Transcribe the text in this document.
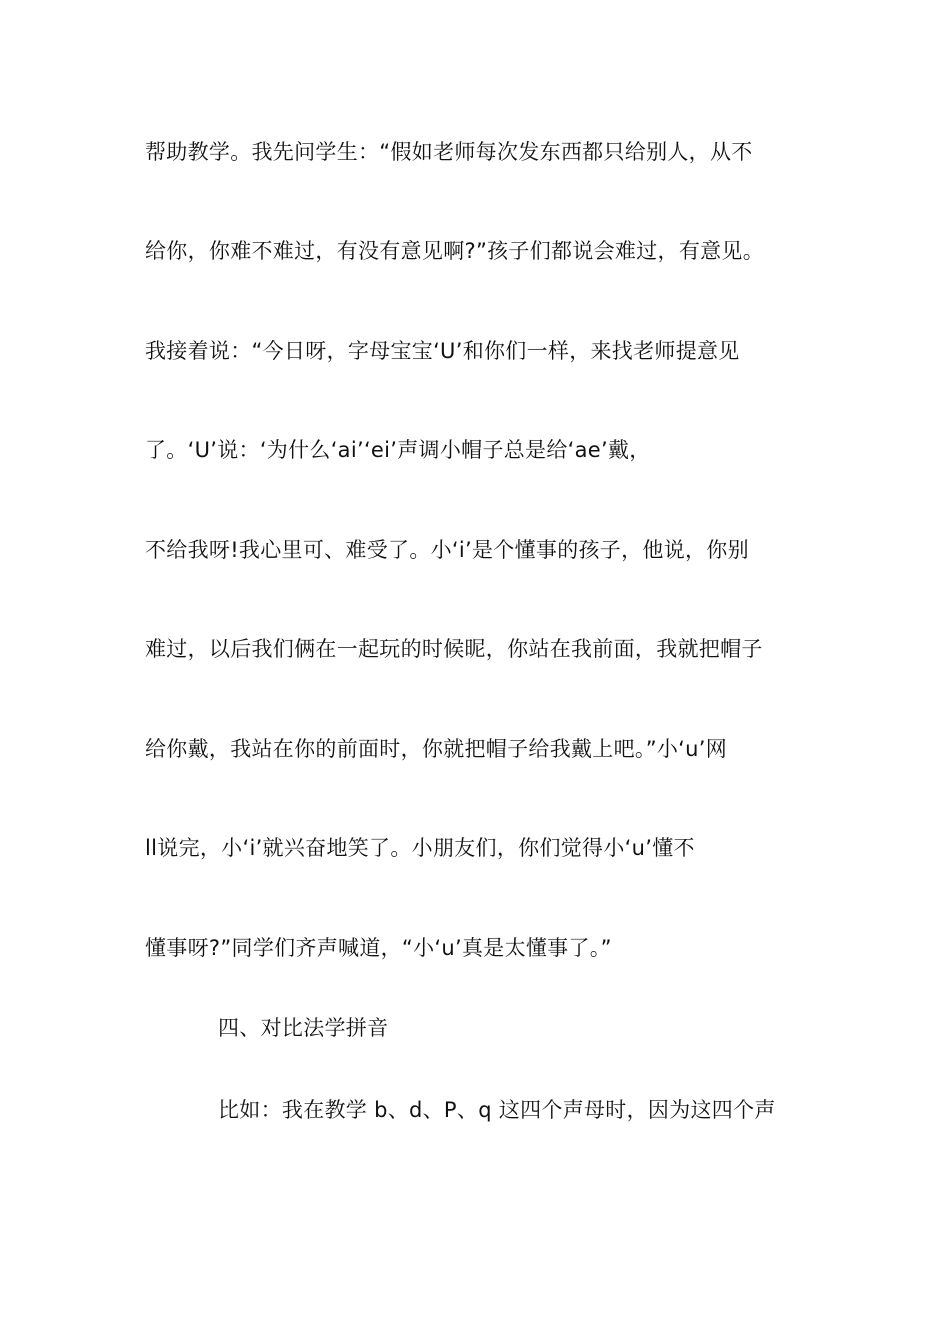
帮助教学。我先问学生：“假如老师每次发东西都只给别人，从不
给你，你难不难过，有没有意见啊?”孩子们都说会难过，有意见。
我接着说：“今日呀，字母宝宝‘U’和你们一样，来找老师提意见
了。‘U’说：‘为什么‘ai’‘ei’声调小帽子总是给‘ae’戴，
不给我呀!我心里可、难受了。小‘i’是个懂事的孩子，他说，你别
难过，以后我们俩在一起玩的时候昵，你站在我前面，我就把帽子
给你戴，我站在你的前面时，你就把帽子给我戴上吧。”小‘u’网
ll说完，小‘i’就兴奋地笑了。小朋友们，你们觉得小‘u’懂不
懂事呀?”同学们齐声喊道，“小‘u’真是太懂事了。”
四、对比法学拼音
比如：我在教学 b、d、P、q 这四个声母时，因为这四个声
